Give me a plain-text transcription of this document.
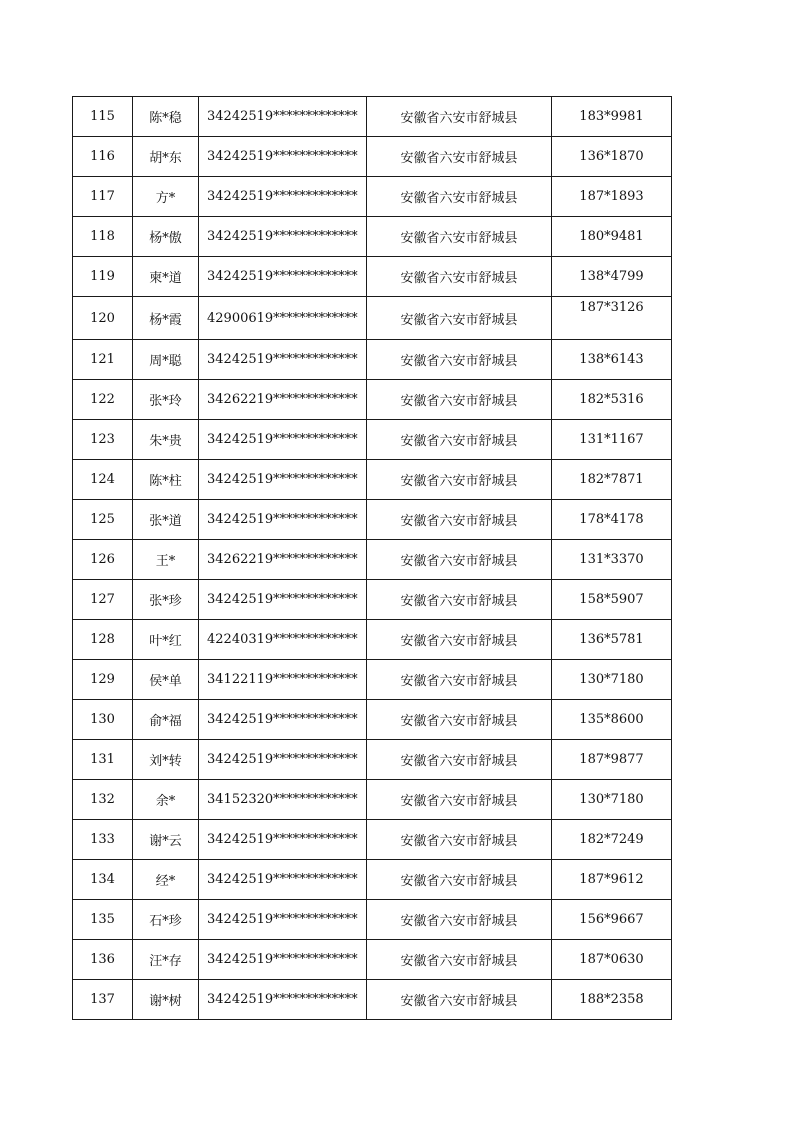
115	陈*稳	34242519*************	安徽省六安市舒城县	183*9981
116	胡*东	34242519*************	安徽省六安市舒城县	136*1870
117	方*	34242519*************	安徽省六安市舒城县	187*1893
118	杨*傲	34242519*************	安徽省六安市舒城县	180*9481
119	柬*道	34242519*************	安徽省六安市舒城县	138*4799
120	杨*霞	42900619*************	安徽省六安市舒城县	187*3126
121	周*聪	34242519*************	安徽省六安市舒城县	138*6143
122	张*玲	34262219*************	安徽省六安市舒城县	182*5316
123	朱*贵	34242519*************	安徽省六安市舒城县	131*1167
124	陈*柱	34242519*************	安徽省六安市舒城县	182*7871
125	张*道	34242519*************	安徽省六安市舒城县	178*4178
126	王*	34262219*************	安徽省六安市舒城县	131*3370
127	张*珍	34242519*************	安徽省六安市舒城县	158*5907
128	叶*红	42240319*************	安徽省六安市舒城县	136*5781
129	侯*单	34122119*************	安徽省六安市舒城县	130*7180
130	俞*福	34242519*************	安徽省六安市舒城县	135*8600
131	刘*转	34242519*************	安徽省六安市舒城县	187*9877
132	余*	34152320*************	安徽省六安市舒城县	130*7180
133	谢*云	34242519*************	安徽省六安市舒城县	182*7249
134	经*	34242519*************	安徽省六安市舒城县	187*9612
135	石*珍	34242519*************	安徽省六安市舒城县	156*9667
136	汪*存	34242519*************	安徽省六安市舒城县	187*0630
137	谢*树	34242519*************	安徽省六安市舒城县	188*2358
